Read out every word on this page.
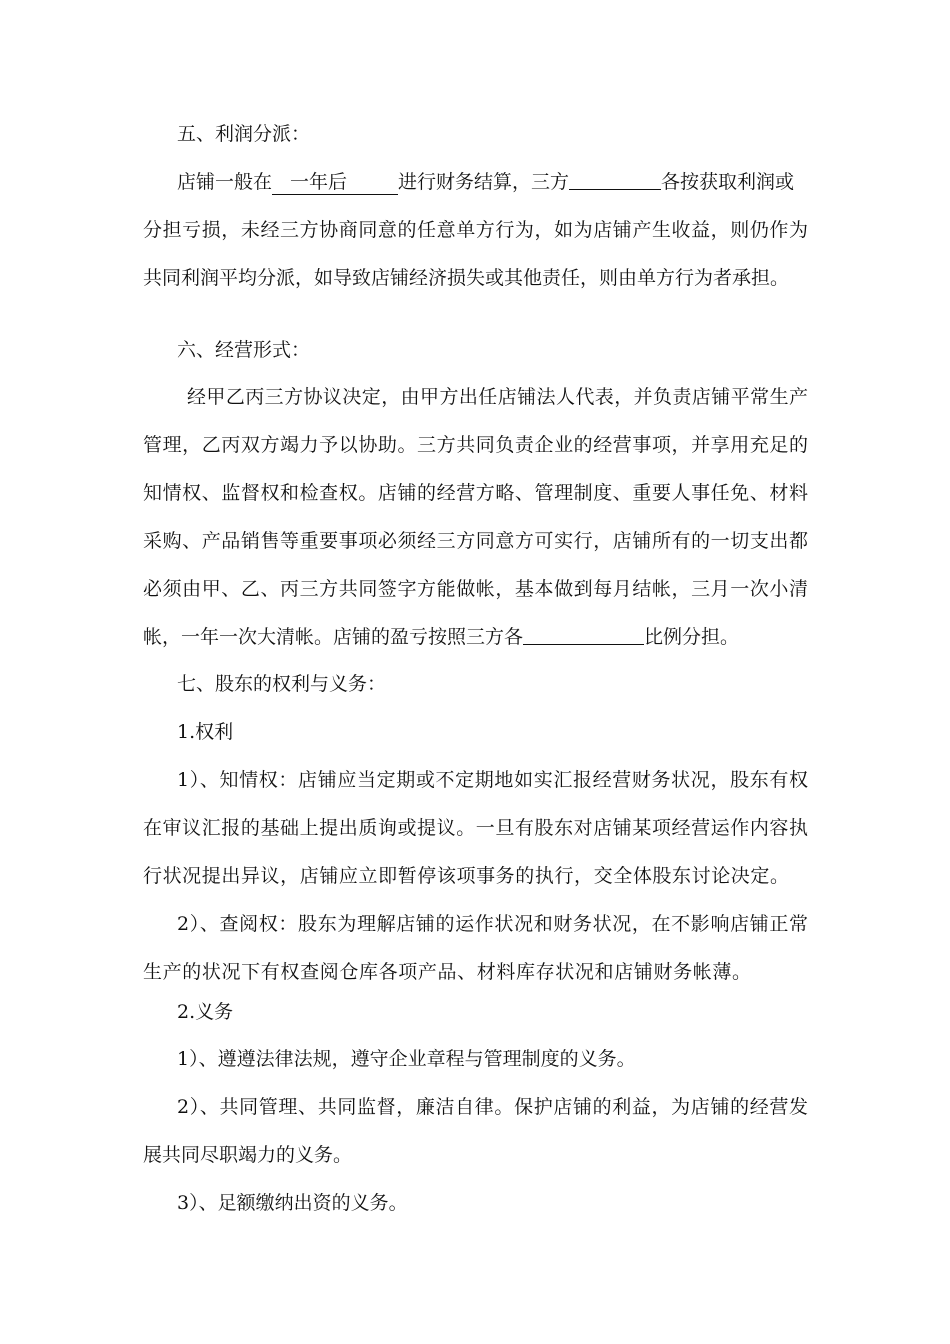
五、利润分派：
店铺一般在 一年后	进行财务结算，三方	各按获取利润或
分担亏损，未经三方协商同意的任意单方行为，如为店铺产生收益，则仍作为
共同利润平均分派，如导致店铺经济损失或其他责任，则由单方行为者承担。
六、经营形式：
经甲乙丙三方协议决定，由甲方出任店铺法人代表，并负责店铺平常生产
管理，乙丙双方竭力予以协助。三方共同负责企业的经营事项，并享用充足的
知情权、监督权和检查权。店铺的经营方略、管理制度、重要人事任免、材料
采购、产品销售等重要事项必须经三方同意方可实行，店铺所有的一切支出都
必须由甲、乙、丙三方共同签字方能做帐，基本做到每月结帐，三月一次小清
帐，一年一次大清帐。店铺的盈亏按照三方各	比例分担。
七、股东的权利与义务：
1.权利
1）、知情权：店铺应当定期或不定期地如实汇报经营财务状况，股东有权
在审议汇报的基础上提出质询或提议。一旦有股东对店铺某项经营运作内容执
行状况提出异议，店铺应立即暂停该项事务的执行，交全体股东讨论决定。
2）、查阅权：股东为理解店铺的运作状况和财务状况，在不影响店铺正常
生产的状况下有权查阅仓库各项产品、材料库存状况和店铺财务帐薄。
2.义务
1）、遵遵法律法规，遵守企业章程与管理制度的义务。
2）、共同管理、共同监督，廉洁自律。保护店铺的利益，为店铺的经营发
展共同尽职竭力的义务。
3）、足额缴纳出资的义务。
